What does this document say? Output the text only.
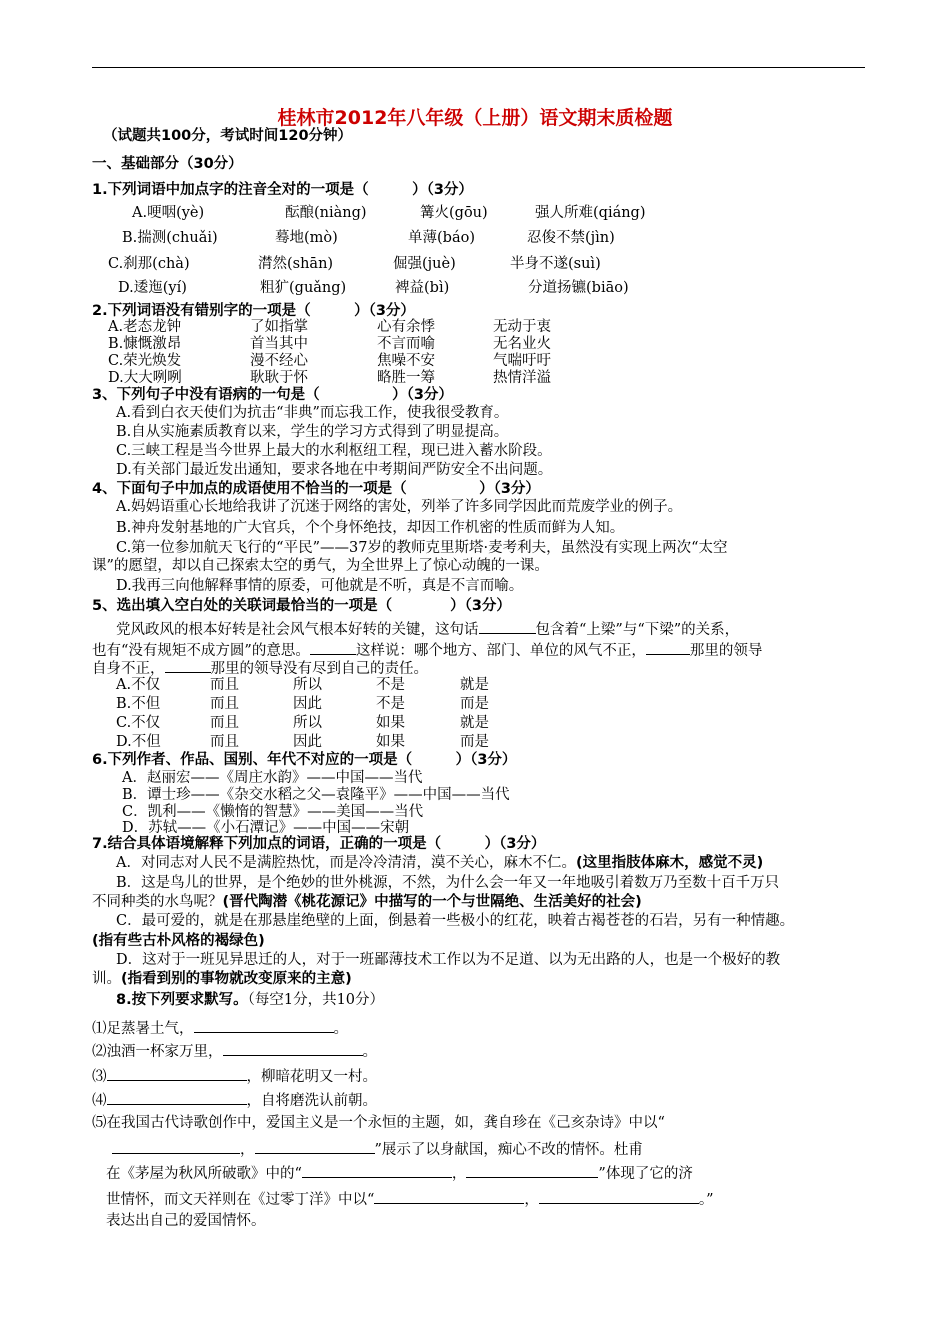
桂林市2012年八年级（上册）语文期末质检题
（试题共100分，考试时间120分钟）
一、基础部分（30分）
1.下列词语中加点字的注音全对的一项是（　　　）（3分）
A.哽咽(yè)	酝酿(niàng)	篝火(gōu)	强人所难(qiáng)
B.揣测(chuǎi)	蓦地(mò)	单薄(báo)	忍俊不禁(jìn)
C.刹那(chà)	潸然(shān)	倔强(juè)	半身不遂(suì)
D.逶迤(yí)	粗犷(guǎng)	裨益(bì)	分道扬镳(biāo)
2.下列词语没有错别字的一项是（　　　）（3分）
A.老态龙钟	了如指掌	心有余悸	无动于衷
B.慷慨激昂	首当其中	不言而喻	无名业火
C.荣光焕发	漫不经心	焦噪不安	气喘吁吁
D.大大咧咧	耿耿于怀	略胜一筹	热情洋溢
3、下列句子中没有语病的一句是（　　　　　）（3分）
A.看到白衣天使们为抗击“非典”而忘我工作，使我很受教育。
B.自从实施素质教育以来，学生的学习方式得到了明显提高。
C.三峡工程是当今世界上最大的水利枢纽工程，现已进入蓄水阶段。
D.有关部门最近发出通知，要求各地在中考期间严防安全不出问题。
4、下面句子中加点的成语使用不恰当的一项是（　　　　　）（3分）
A.妈妈语重心长地给我讲了沉迷于网络的害处，列举了许多同学因此而荒废学业的例子。
B.神舟发射基地的广大官兵，个个身怀绝技，却因工作机密的性质而鲜为人知。
C.第一位参加航天飞行的“平民”——37岁的教师克里斯塔·麦考利夫，虽然没有实现上两次“太空
课”的愿望，却以自己探索太空的勇气，为全世界上了惊心动魄的一课。
D.我再三向他解释事情的原委，可他就是不听，真是不言而喻。
5、选出填入空白处的关联词最恰当的一项是（　　　　）（3分）
党风政风的根本好转是社会风气根本好转的关键，这句话	包含着“上梁”与“下梁”的关系，
也有“没有规矩不成方圆”的意思。	这样说：哪个地方、部门、单位的风气不正，	那里的领导
自身不正，	那里的领导没有尽到自己的责任。
A.不仅	而且	所以	不是	就是
B.不但	而且	因此	不是	而是
C.不仅	而且	所以	如果	就是
D.不但	而且	因此	如果	而是
6.下列作者、作品、国别、年代不对应的一项是（　　　）（3分）
A．赵丽宏——《周庄水韵》——中国——当代
B．谭士珍——《杂交水稻之父—袁隆平》——中国——当代
C．凯利——《懒惰的智慧》——美国——当代
D．苏轼——《小石潭记》——中国——宋朝
7.结合具体语境解释下列加点的词语，正确的一项是（　　　）（3分）
A．对同志对人民不是满腔热忱，而是冷冷清清，漠不关心，麻木不仁。(这里指肢体麻木，感觉不灵)
B．这是鸟儿的世界，是个绝妙的世外桃源，不然，为什么会一年又一年地吸引着数万乃至数十百千万只
不同种类的水鸟呢？(晋代陶潜《桃花源记》中描写的一个与世隔绝、生活美好的社会)
C．最可爱的，就是在那悬崖绝壁的上面，倒悬着一些极小的红花，映着古褐苍苍的石岩，另有一种情趣。
(指有些古朴风格的褐绿色)
D．这对于一班见异思迁的人，对于一班鄙薄技术工作以为不足道、以为无出路的人，也是一个极好的教
训。(指看到别的事物就改变原来的主意)
8.按下列要求默写。（每空1分，共10分）
⑴足蒸暑土气，	。
⑵浊酒一杯家万里，	。
⑶	，柳暗花明又一村。
⑷	，自将磨洗认前朝。
⑸在我国古代诗歌创作中，爱国主义是一个永恒的主题，如，龚自珍在《己亥杂诗》中以“
，	”展示了以身献国，痴心不改的情怀。杜甫
在《茅屋为秋风所破歌》中的“	，	”体现了它的济
世情怀，而文天祥则在《过零丁洋》中以“	，	。”
表达出自己的爱国情怀。
